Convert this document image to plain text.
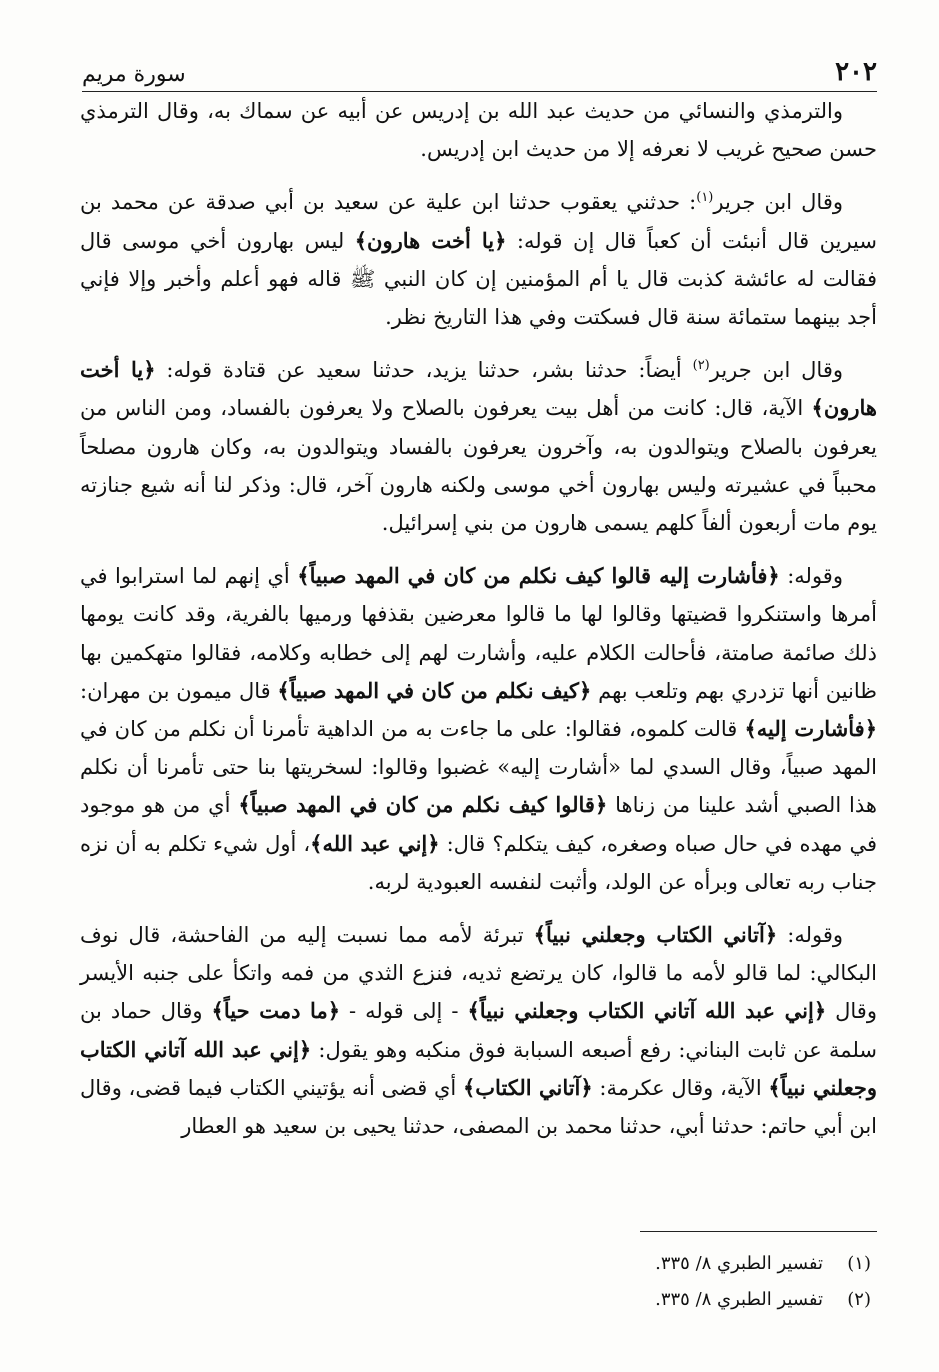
٢٠٢
سورة مريم

والترمذي والنسائي من حديث عبد الله بن إدريس عن أبيه عن سماك به، وقال الترمذي حسن صحيح غريب لا نعرفه إلا من حديث ابن إدريس.

وقال ابن جرير$^{(١)}$: حدثني يعقوب حدثنا ابن علية عن سعيد بن أبي صدقة عن محمد بن سيرين قال أنبئت أن كعباً قال إن قوله: ﴿يا أخت هارون﴾ ليس بهارون أخي موسى قال فقالت له عائشة كذبت قال يا أم المؤمنين إن كان النبي ﷺ قاله فهو أعلم وأخبر وإلا فإني أجد بينهما ستمائة سنة قال فسكتت وفي هذا التاريخ نظر.

وقال ابن جرير$^{(٢)}$ أيضاً: حدثنا بشر، حدثنا يزيد، حدثنا سعيد عن قتادة قوله: ﴿يا أخت هارون﴾ الآية، قال: كانت من أهل بيت يعرفون بالصلاح ولا يعرفون بالفساد، ومن الناس من يعرفون بالصلاح ويتوالدون به، وآخرون يعرفون بالفساد ويتوالدون به، وكان هارون مصلحاً محبباً في عشيرته وليس بهارون أخي موسى ولكنه هارون آخر، قال: وذكر لنا أنه شيع جنازته يوم مات أربعون ألفاً كلهم يسمى هارون من بني إسرائيل.

وقوله: ﴿فأشارت إليه قالوا كيف نكلم من كان في المهد صبياً﴾ أي إنهم لما استرابوا في أمرها واستنكروا قضيتها وقالوا لها ما قالوا معرضين بقذفها ورميها بالفرية، وقد كانت يومها ذلك صائمة صامتة، فأحالت الكلام عليه، وأشارت لهم إلى خطابه وكلامه، فقالوا متهكمين بها ظانين أنها تزدري بهم وتلعب بهم ﴿كيف نكلم من كان في المهد صبياً﴾ قال ميمون بن مهران: ﴿فأشارت إليه﴾ قالت كلموه، فقالوا: على ما جاءت به من الداهية تأمرنا أن نكلم من كان في المهد صبياً، وقال السدي لما «أشارت إليه» غضبوا وقالوا: لسخريتها بنا حتى تأمرنا أن نكلم هذا الصبي أشد علينا من زناها ﴿قالوا كيف نكلم من كان في المهد صبياً﴾ أي من هو موجود في مهده في حال صباه وصغره، كيف يتكلم؟ قال: ﴿إني عبد الله﴾، أول شيء تكلم به أن نزه جناب ربه تعالى وبرأه عن الولد، وأثبت لنفسه العبودية لربه.

وقوله: ﴿آتاني الكتاب وجعلني نبياً﴾ تبرئة لأمه مما نسبت إليه من الفاحشة، قال نوف البكالي: لما قالو لأمه ما قالوا، كان يرتضع ثديه، فنزع الثدي من فمه واتكأ على جنبه الأيسر وقال ﴿إني عبد الله آتاني الكتاب وجعلني نبياً﴾ - إلى قوله - ﴿ما دمت حياً﴾ وقال حماد بن سلمة عن ثابت البناني: رفع أصبعه السبابة فوق منكبه وهو يقول: ﴿إني عبد الله آتاني الكتاب وجعلني نبياً﴾ الآية، وقال عكرمة: ﴿آتاني الكتاب﴾ أي قضى أنه يؤتيني الكتاب فيما قضى، وقال ابن أبي حاتم: حدثنا أبي، حدثنا محمد بن المصفى، حدثنا يحيى بن سعيد هو العطار

(١)
تفسير الطبري ٨/ ٣٣٥.
(٢)
تفسير الطبري ٨/ ٣٣٥.
